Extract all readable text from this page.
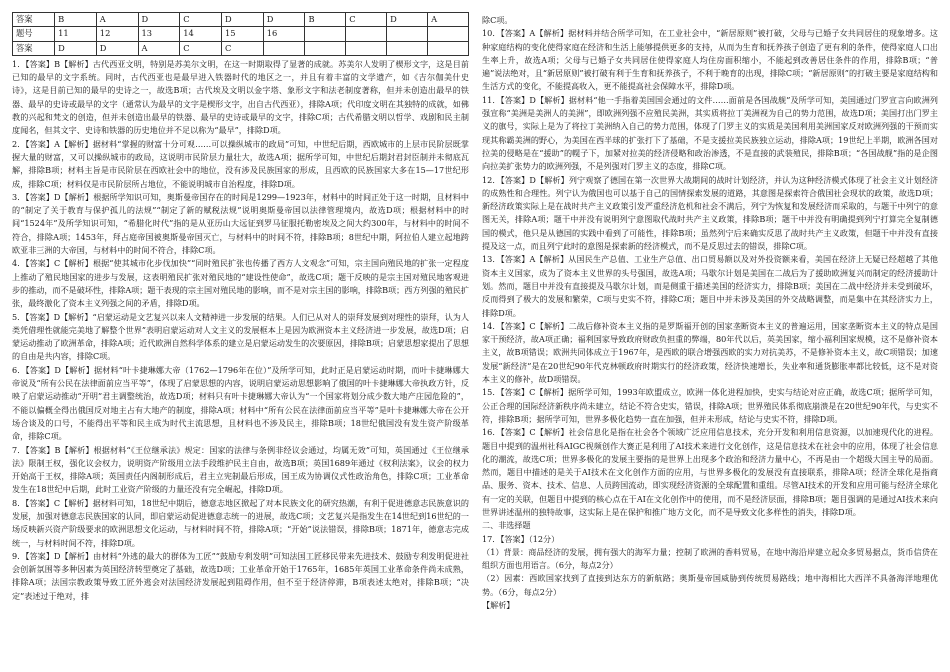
答案	B	A	D	C	D	D	B	C	D	A
题号	11	12	13	14	15	16				
答案	D	D	A	C	C					

1．【答案】B【解析】古代西亚文明，特别是苏美尔文明，在这一时期取得了显著的成就。苏美尔人发明了楔形文字，这是目前已知的最早的文字系统。同时，古代西亚也是最早进入铁器时代的地区之一，并且有着丰富的文学遗产，如《吉尔伽美什史诗》，这是目前已知的最早的史诗之一，故选B项；古代埃及文明以金字塔、象形文字和法老制度著称，但并未创造出最早的铁器、最早的史诗或最早的文字（通常认为最早的文字是楔形文字，出自古代西亚），排除A项；代印度文明在其独特的成就，如佛教的兴起和梵文的创造，但并未创造出最早的铁器、最早的史诗或最早的文字，排除C项；古代希腊文明以哲学、戏剧和民主制度闻名，但其文字、史诗和铁器的历史地位并不足以称为“最早”，排除D项。

2．【答案】A【解析】据材料“掌握的财富十分可观……可以操纵城市的政局”可知，中世纪后期，西欧城市的上层市民阶层既掌握大量的财富，又可以操纵城市的政局，这说明市民阶层力量壮大，故选A项；据所学可知，中世纪后期封君封臣制并未彻底瓦解，排除B项；材料主旨是市民阶层在西欧社会中的地位，没有涉及民族国家的形成，且西欧的民族国家大多在15—17世纪形成，排除C项；材料仅是市民阶层所占地位，不能说明城市自治程度，排除D项。

3．【答案】D【解析】根据所学知识可知，奥斯曼帝国存在的时间是1299—1923年，材料中的时间正处于这一时期，且材料中的“制定了关于教育与保护孤儿的法规”“制定了新的赋税法规”说明奥斯曼帝国以法律管理境内，故选D项；根据材料中的时间“1524年”及所学知识可知，“希腊化时代”指的是从亚历山大远征到罗马征服托勒密埃及之间大约300年，与材料中的时间不符合，排除A项；1453年，拜占庭帝国被奥斯曼帝国灭亡，与材料中的时间不符，排除B项；8世纪中期，阿拉伯人建立起地跨欧亚非三洲的大帝国，与材料中的时间不符合，排除C项。

4．【答案】C【解析】根据“使其城市化步伐加快”“同时殖民扩张也传播了西方人文观念”可知，宗主国向殖民地的扩张一定程度上推动了殖民地国家的进步与发展，这表明殖民扩张对殖民地的“建设性使命”，故选C项；题干反映的是宗主国对殖民地客观进步的推动，而不是破坏性，排除A项；题干表现的宗主国对殖民地的影响，而不是对宗主国的影响，排除B项；西方列强的殖民扩张，最终激化了资本主义列强之间的矛盾，排除D项。

5．【答案】D【解析】“启蒙运动是文艺复兴以来人文精神进一步发展的结果。人们已从对人的崇拜发展到对理性的崇拜，认为人类凭借理性就能完美地了解整个世界”表明启蒙运动对人文主义的发展框本上是因为欧洲资本主义经济进一步发展，故选D项；启蒙运动推动了欧洲革命，排除A项；近代欧洲自然科学体系的建立是启蒙运动发生的次要原因，排除B项；启蒙思想家提出了思想的自由是共内容，排除C项。

6．【答案】D【解析】据材料“叶卡捷琳娜大帝（1762—1796年在位）”及所学可知，此时正是启蒙运动时期，而叶卡捷琳娜大帝说及“所有公民在法律面前应当平等”，体现了启蒙思想的内容，说明启蒙运动思想影响了俄国的叶卡捷琳娜大帝执政方针，反映了启蒙运动推动“开明”君主调整统治，故选D项；材料只有叶卡捷琳娜大帝认为“一个国家将划分成少数大地产庄园危险的”，不能以偏概全得出俄国反对地主占有大地产的制度，排除A项；材料中“所有公民在法律面前应当平等”是叶卡捷琳娜大帝在公开场合谈及的口号，不能得出平等和民主成为时代主流思想，且材料也不涉及民主，排除B项；18世纪俄国没有发生资产阶级革命，排除C项。

7．【答案】B【解析】根据材料“《王位继承法》规定：国家的法律与条例非经议会通过，均属无效”可知，英国通过《王位继承法》限制王权，强化议会权力，说明资产阶级用立法手段维护民主自由，故选B项；英国1689年通过《权利法案》，议会的权力开始高于王权，排除A项；英国责任内阁制形成后，君主立宪制最后形成，国王成为协调仪式性政治角色，排除C项；工业革命发生在18世纪中后期，此时工业资产阶级的力量还没有完全崛起，排除D项。

8．【答案】C【解析】据材料可知，18世纪中期后，德意志地区掀起了对本民族文化的研究热潮，有利于促进德意志民族意识的发展，加强对德意志民族国家的认同，即启蒙运动促进德意志统一的进展，故选C项；文艺复兴是指发生在14世纪到16世纪的一场反映新兴资产阶级要求的欧洲思想文化运动，与材料时间不符，排除A项；“开始”说法错误，排除B项；1871年，德意志完成统一，与材料时间不符，排除D项。

9．【答案】D【解析】由材料“外逃的最大的群体为工匠”“鼓励专利发明”可知法国工匠移民带来先进技术、鼓励专利发明促进社会创新氛围等多种因素为英国经济转型奠定了基础，故选D项；工业革命开始于1765年，1685年英国工业革命条件尚未成熟，排除A项；法国宗教政策导致工匠外逃会对法国经济发展起到阻碍作用，但不至于经济停滞，B项表述太绝对，排除B项；“决定”表述过于绝对，排

除C项。

10．【答案】A【解析】据材料并结合所学可知，在工业社会中，“新居原则”被打破，父母与已婚子女共同居住的现象增多。这种家庭结构的变化使得家庭在经济和生活上能够提供更多的支持，从而为生育和抚养孩子创造了更有利的条件，使得家庭人口出生率上升，故选A项；父母与已婚子女共同居住使得家庭人均住房面积缩小，不能起到改善居住条件的作用，排除B项；“普遍”说法绝对，且“新居原则”被打破有利于生育和抚养孩子，不利于晚育的出现，排除C项；“新居原则”的打破主要是家庭结构和生活方式的变化，不能提高收入，更不能提高社会保障水平，排除D项。

11．【答案】D【解析】据材料“他一手指着美国国会通过的文件……面前是各国战舰”及所学可知，美国通过门罗宣言向欧洲列强宣称“美洲是美洲人的美洲”，即欧洲列强不应殖民美洲，其实质将拉丁美洲视为自己的势力范围，故选D项；美国打出门罗主义的旗号，实际上是为了将拉丁美洲纳入自己的势力范围，体现了门罗主义的实质是美国利用美洲国家反对欧洲列强的干预而实现其称霸美洲的野心，为美国在西半球的扩张打下了基础，不是支援拉美民族独立运动，排除A项；19世纪上半期，欧洲各国对拉美的侵略是在“援助”的幌子下，加紧对拉美的经济侵略和政治渗透，不是直接的武装殖民，排除B项；“各国战舰”指的是企图向拉美扩张势力的欧洲列强，不是列强对门罗主义的态度，排除C项。

12．【答案】D【解析】列宁观察了德国在第一次世界大战期间的战时计划经济，并认为这种经济模式体现了社会主义计划经济的成熟性和合理性。列宁认为俄国也可以基于自己的国情探索发展的道路，其意图是探索符合俄国社会现状的政策，故选D项；新经济政策实际上是在战时共产主义政策引发严重经济危机和社会不满后，列宁为恢复和发展经济而采取的，与题干中列宁的意图无关，排除A项；题干中并没有说明列宁意图取代战时共产主义政策，排除B项；题干中并没有明确提到列宁打算完全复制德国的模式，他只是从德国的实践中看到了可能性，排除B项；虽然列宁后来确实反思了战时共产主义政策，但题干中并没有直接提及这一点，而且列宁此时的意图是探索新的经济模式，而不是反思过去的错误，排除C项。

13．【答案】A【解析】从国民生产总值、工业生产总值、出口贸易额以及对外投资额来看，美国在经济上无疑已经超越了其他资本主义国家，成为了资本主义世界的头号强国，故选A项；马歇尔计划是美国在二战后为了援助欧洲复兴而制定的经济援助计划。然而，题目中并没有直接提及马歇尔计划，而是侧重于描述美国的经济实力，排除B项；美国在二战中经济并未受到破坏，反而得到了极大的发展和繁荣，C项与史实不符，排除C项；题目中并未涉及美国的外交战略调整，而是集中在其经济实力上，排除D项。

14．【答案】C【解析】二战后修补资本主义指的是罗斯福开创的国家垄断资本主义的普遍运用，国家垄断资本主义的特点是国家干预经济，故A项正确；福利国家导致政府财政负担重的弊端，80年代以后，英美国家，缩小福利国家规模，这不是修补资本主义，故B项错误；欧洲共同体成立于1967年，是西欧的联合增强西欧的实力对抗美苏，不是修补资本主义，故C项错误；加速发展“新经济”是在20世纪90年代克林顿政府时期实行的经济政策，经济快速增长，失业率和通货膨胀率都比较低，这不是对资本主义的修补，故D项错误。

15．【答案】C【解析】据所学可知，1993年欧盟成立，欧洲一体化进程加快，史实与结论对应正确，故选C项；据所学可知，公正合理的国际经济新秩序尚未建立，结论不符合史实，错误，排除A项；世界殖民体系彻底崩溃是在20世纪90年代，与史实不符，排除B项；据所学可知，世界多极化趋势一直在加强，但并未形成，结论与史实不符，排除D项。

16．【答案】C【解析】社会信息化是指在社会各个领域广泛应用信息技术，充分开发和利用信息资源，以加速现代化的进程。题目中提到的温州社科AIGC视频创作大赛正是利用了AI技术来进行文化创作，这是信息技术在社会中的应用，体现了社会信息化的潮流，故选C项；世界多极化的发展主要指的是世界上出现多个政治和经济力量中心，不再是由一个超级大国主导的局面。然而，题目中描述的是关于AI技术在文化创作方面的应用，与世界多极化的发展没有直接联系，排除A项；经济全球化是指商品、服务、资本、技术、信息、人员跨国流动，即实现经济资源的全球配置和重组。尽管AI技术的开发和应用可能与经济全球化有一定的关联，但题目中提到的核心点在于AI在文化创作中的使用，而不是经济层面，排除B项；题目强调的是通过AI技术来向世界讲述温州的独特故事，这实际上是在保护和推广地方文化，而不是导致文化多样性的消失，排除D项。

二、非选择题

17．【答案】（12分）

（1）背景：商品经济的发展，拥有强大的海军力量；控制了欧洲的香料贸易，在地中海沿岸建立起众多贸易据点，货币信贷在组织方面也用语言。（6分，每点2分）

（2）因素：西欧国家找到了直接到达东方的新航路；奥斯曼帝国威胁到传统贸易路线；地中海相比大西洋不具备海洋地理优势。（6分，每点2分）

【解析】
